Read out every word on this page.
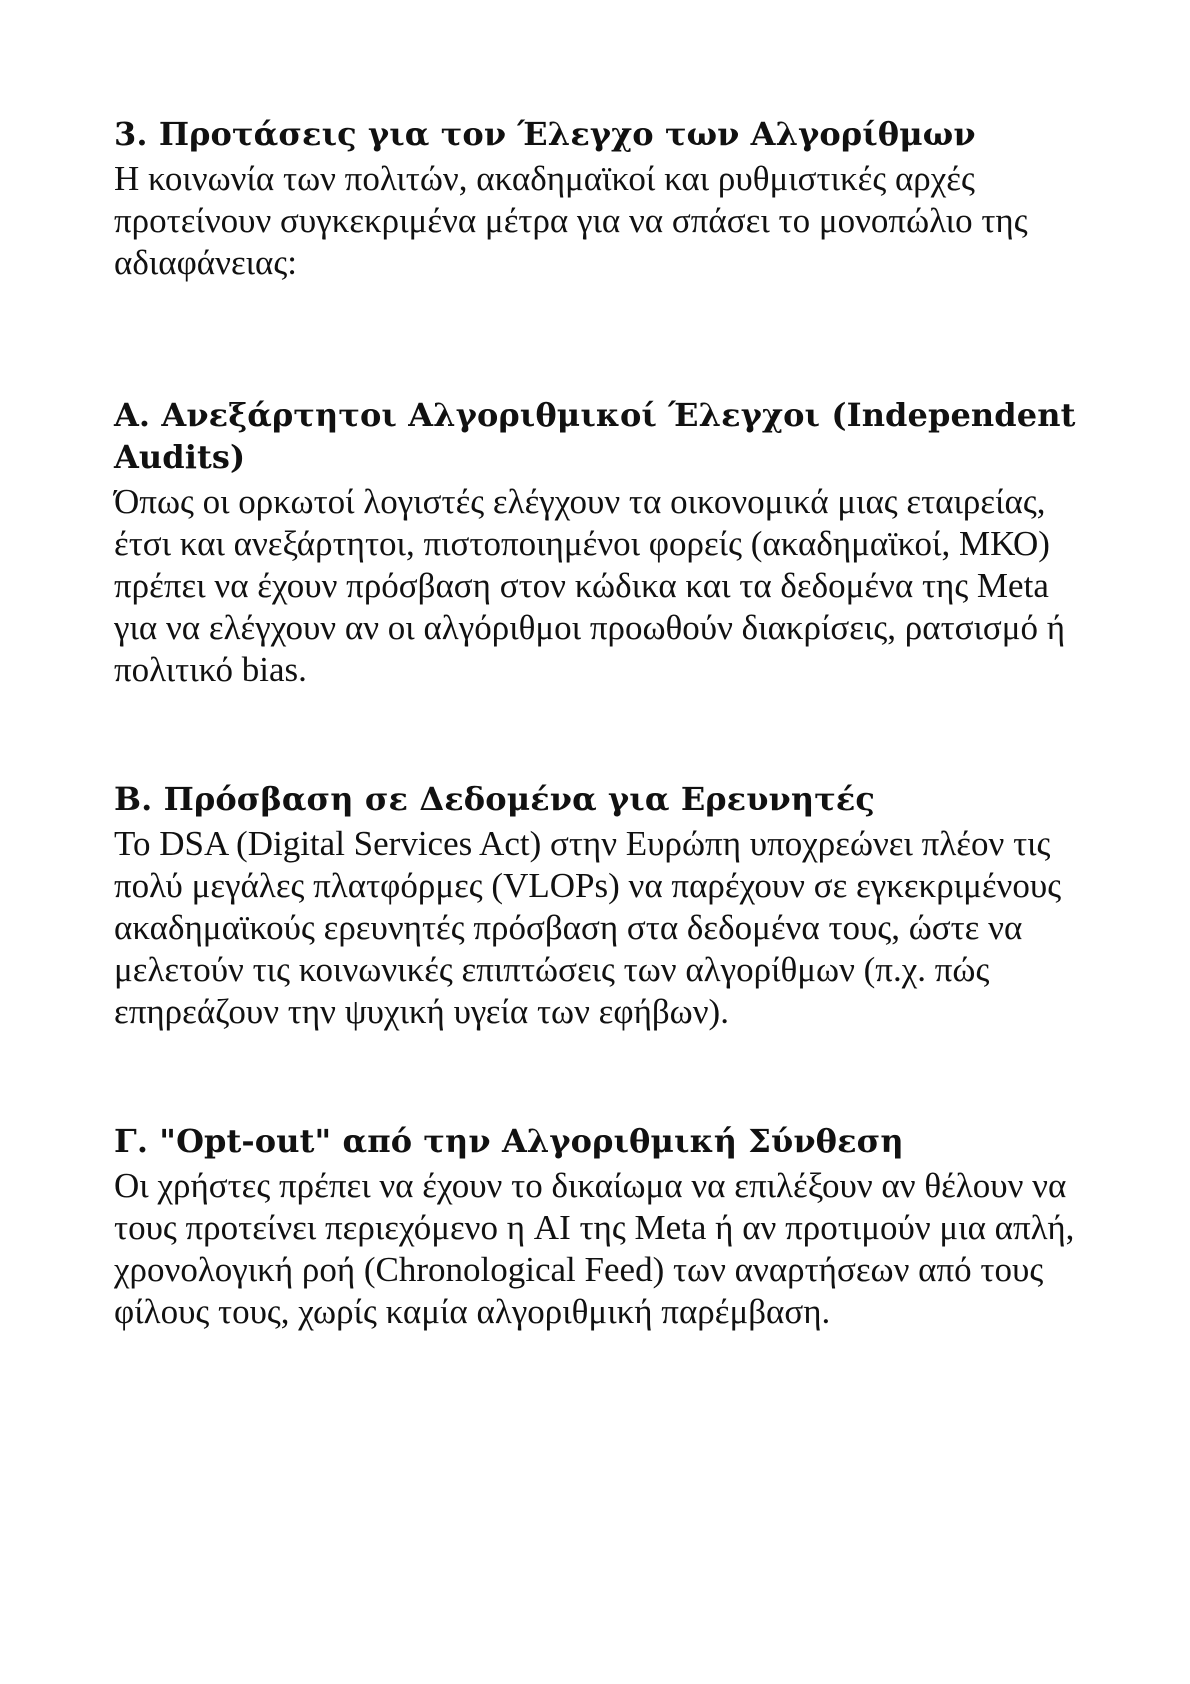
3. Προτάσεις για τον Έλεγχο των Αλγορίθμων

Η κοινωνία των πολιτών, ακαδημαϊκοί και ρυθμιστικές αρχές προτείνουν συγκεκριμένα μέτρα για να σπάσει το μονοπώλιο της αδιαφάνειας:

A. Ανεξάρτητοι Αλγοριθμικοί Έλεγχοι (Independent Audits)

Όπως οι ορκωτοί λογιστές ελέγχουν τα οικονομικά μιας εταιρείας, έτσι και ανεξάρτητοι, πιστοποιημένοι φορείς (ακαδημαϊκοί, ΜΚΟ) πρέπει να έχουν πρόσβαση στον κώδικα και τα δεδομένα της Meta για να ελέγχουν αν οι αλγόριθμοι προωθούν διακρίσεις, ρατσισμό ή πολιτικό bias.

B. Πρόσβαση σε Δεδομένα για Ερευνητές

Το DSA (Digital Services Act) στην Ευρώπη υποχρεώνει πλέον τις πολύ μεγάλες πλατφόρμες (VLOPs) να παρέχουν σε εγκεκριμένους ακαδημαϊκούς ερευνητές πρόσβαση στα δεδομένα τους, ώστε να μελετούν τις κοινωνικές επιπτώσεις των αλγορίθμων (π.χ. πώς επηρεάζουν την ψυχική υγεία των εφήβων).

Γ. "Opt-out" από την Αλγοριθμική Σύνθεση

Οι χρήστες πρέπει να έχουν το δικαίωμα να επιλέξουν αν θέλουν να τους προτείνει περιεχόμενο η AI της Meta ή αν προτιμούν μια απλή, χρονολογική ροή (Chronological Feed) των αναρτήσεων από τους φίλους τους, χωρίς καμία αλγοριθμική παρέμβαση.
